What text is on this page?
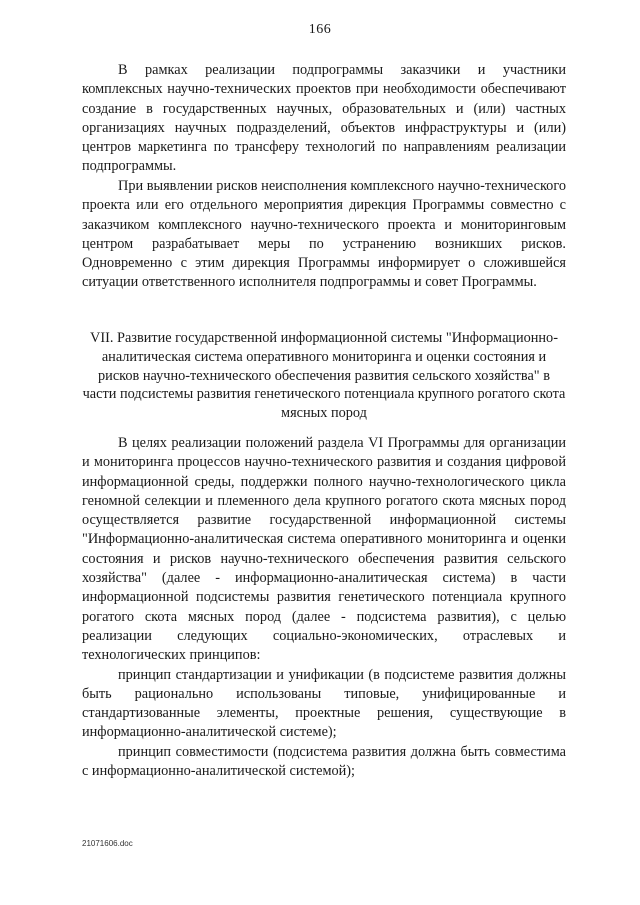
166

В рамках реализации подпрограммы заказчики и участники комплексных научно-технических проектов при необходимости обеспечивают создание в государственных научных, образовательных и (или) частных организациях научных подразделений, объектов инфраструктуры и (или) центров маркетинга по трансферу технологий по направлениям реализации подпрограммы.

При выявлении рисков неисполнения комплексного научно-технического проекта или его отдельного мероприятия дирекция Программы совместно с заказчиком комплексного научно-технического проекта и мониторинговым центром разрабатывает меры по устранению возникших рисков. Одновременно с этим дирекция Программы информирует о сложившейся ситуации ответственного исполнителя подпрограммы и совет Программы.

VII. Развитие государственной информационной системы "Информационно-аналитическая система оперативного мониторинга и оценки состояния и рисков научно-технического обеспечения развития сельского хозяйства" в части подсистемы развития генетического потенциала крупного рогатого скота мясных пород

В целях реализации положений раздела VI Программы для организации и мониторинга процессов научно-технического развития и создания цифровой информационной среды, поддержки полного научно-технологического цикла геномной селекции и племенного дела крупного рогатого скота мясных пород осуществляется развитие государственной информационной системы "Информационно-аналитическая система оперативного мониторинга и оценки состояния и рисков научно-технического обеспечения развития сельского хозяйства" (далее - информационно-аналитическая система) в части информационной подсистемы развития генетического потенциала крупного рогатого скота мясных пород (далее - подсистема развития), с целью реализации следующих социально-экономических, отраслевых и технологических принципов:

принцип стандартизации и унификации (в подсистеме развития должны быть рационально использованы типовые, унифицированные и стандартизованные элементы, проектные решения, существующие в информационно-аналитической системе);

принцип совместимости (подсистема развития должна быть совместима с информационно-аналитической системой);

21071606.doc
